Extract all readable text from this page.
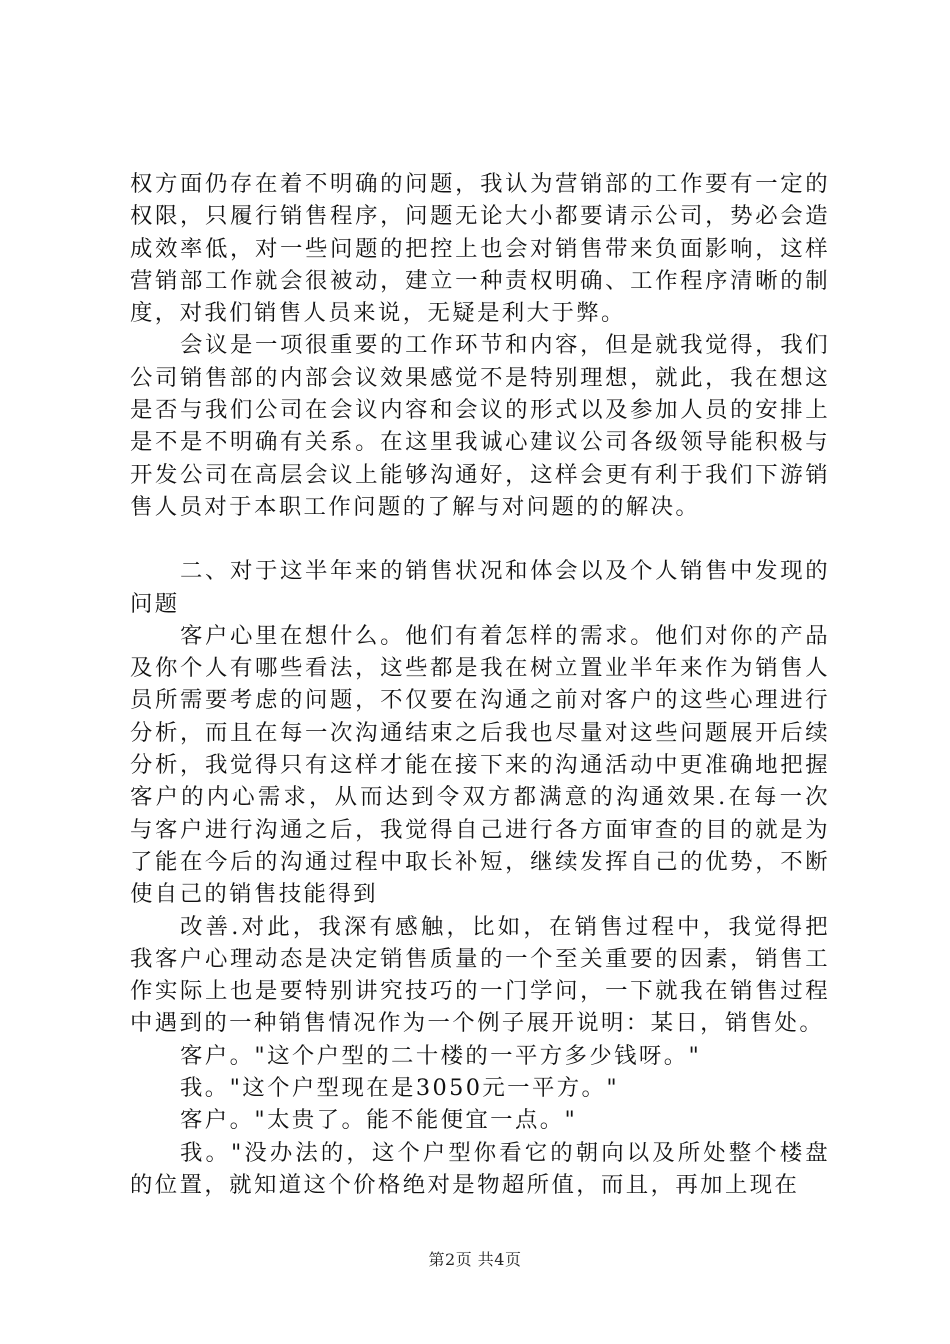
权方面仍存在着不明确的问题，我认为营销部的工作要有一定的权限，只履行销售程序，问题无论大小都要请示公司，势必会造成效率低，对一些问题的把控上也会对销售带来负面影响，这样营销部工作就会很被动，建立一种责权明确、工作程序清晰的制度，对我们销售人员来说，无疑是利大于弊。

会议是一项很重要的工作环节和内容，但是就我觉得，我们公司销售部的内部会议效果感觉不是特别理想，就此，我在想这是否与我们公司在会议内容和会议的形式以及参加人员的安排上是不是不明确有关系。在这里我诚心建议公司各级领导能积极与开发公司在高层会议上能够沟通好，这样会更有利于我们下游销售人员对于本职工作问题的了解与对问题的的解决。

二、对于这半年来的销售状况和体会以及个人销售中发现的问题

客户心里在想什么。他们有着怎样的需求。他们对你的产品及你个人有哪些看法，这些都是我在树立置业半年来作为销售人员所需要考虑的问题，不仅要在沟通之前对客户的这些心理进行分析，而且在每一次沟通结束之后我也尽量对这些问题展开后续分析，我觉得只有这样才能在接下来的沟通活动中更准确地把握客户的内心需求，从而达到令双方都满意的沟通效果.在每一次与客户进行沟通之后，我觉得自己进行各方面审查的目的就是为了能在今后的沟通过程中取长补短，继续发挥自己的优势，不断使自己的销售技能得到

改善.对此，我深有感触，比如，在销售过程中，我觉得把我客户心理动态是决定销售质量的一个至关重要的因素，销售工作实际上也是要特别讲究技巧的一门学问，一下就我在销售过程中遇到的一种销售情况作为一个例子展开说明：某日，销售处。

客户。"这个户型的二十楼的一平方多少钱呀。"

我。"这个户型现在是3050元一平方。"

客户。"太贵了。能不能便宜一点。"

我。"没办法的，这个户型你看它的朝向以及所处整个楼盘的位置，就知道这个价格绝对是物超所值，而且，再加上现在

第2页 共4页
